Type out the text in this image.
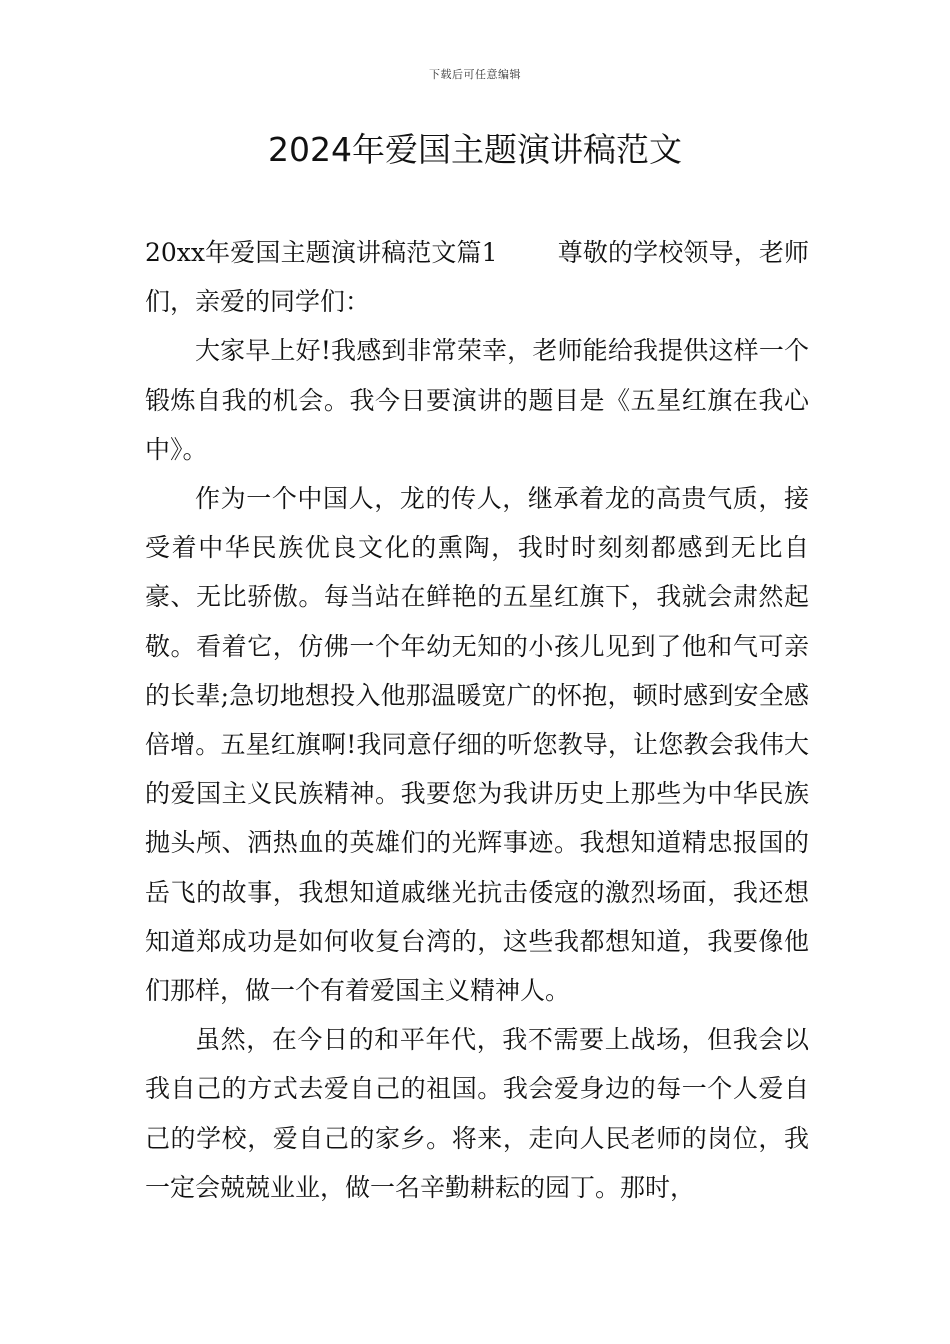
下载后可任意编辑
2024年爱国主题演讲稿范文

20xx年爱国主题演讲稿范文篇1 尊敬的学校领导，老师们，亲爱的同学们：

大家早上好!我感到非常荣幸，老师能给我提供这样一个锻炼自我的机会。我今日要演讲的题目是《五星红旗在我心中》。

作为一个中国人，龙的传人，继承着龙的高贵气质，接受着中华民族优良文化的熏陶，我时时刻刻都感到无比自豪、无比骄傲。每当站在鲜艳的五星红旗下，我就会肃然起敬。看着它，仿佛一个年幼无知的小孩儿见到了他和气可亲的长辈;急切地想投入他那温暖宽广的怀抱，顿时感到安全感倍增。五星红旗啊!我同意仔细的听您教导，让您教会我伟大的爱国主义民族精神。我要您为我讲历史上那些为中华民族抛头颅、洒热血的英雄们的光辉事迹。我想知道精忠报国的岳飞的故事，我想知道戚继光抗击倭寇的激烈场面，我还想知道郑成功是如何收复台湾的，这些我都想知道，我要像他们那样，做一个有着爱国主义精神人。

虽然，在今日的和平年代，我不需要上战场，但我会以我自己的方式去爱自己的祖国。我会爱身边的每一个人爱自己的学校，爱自己的家乡。将来，走向人民老师的岗位，我一定会兢兢业业，做一名辛勤耕耘的园丁。那时，
